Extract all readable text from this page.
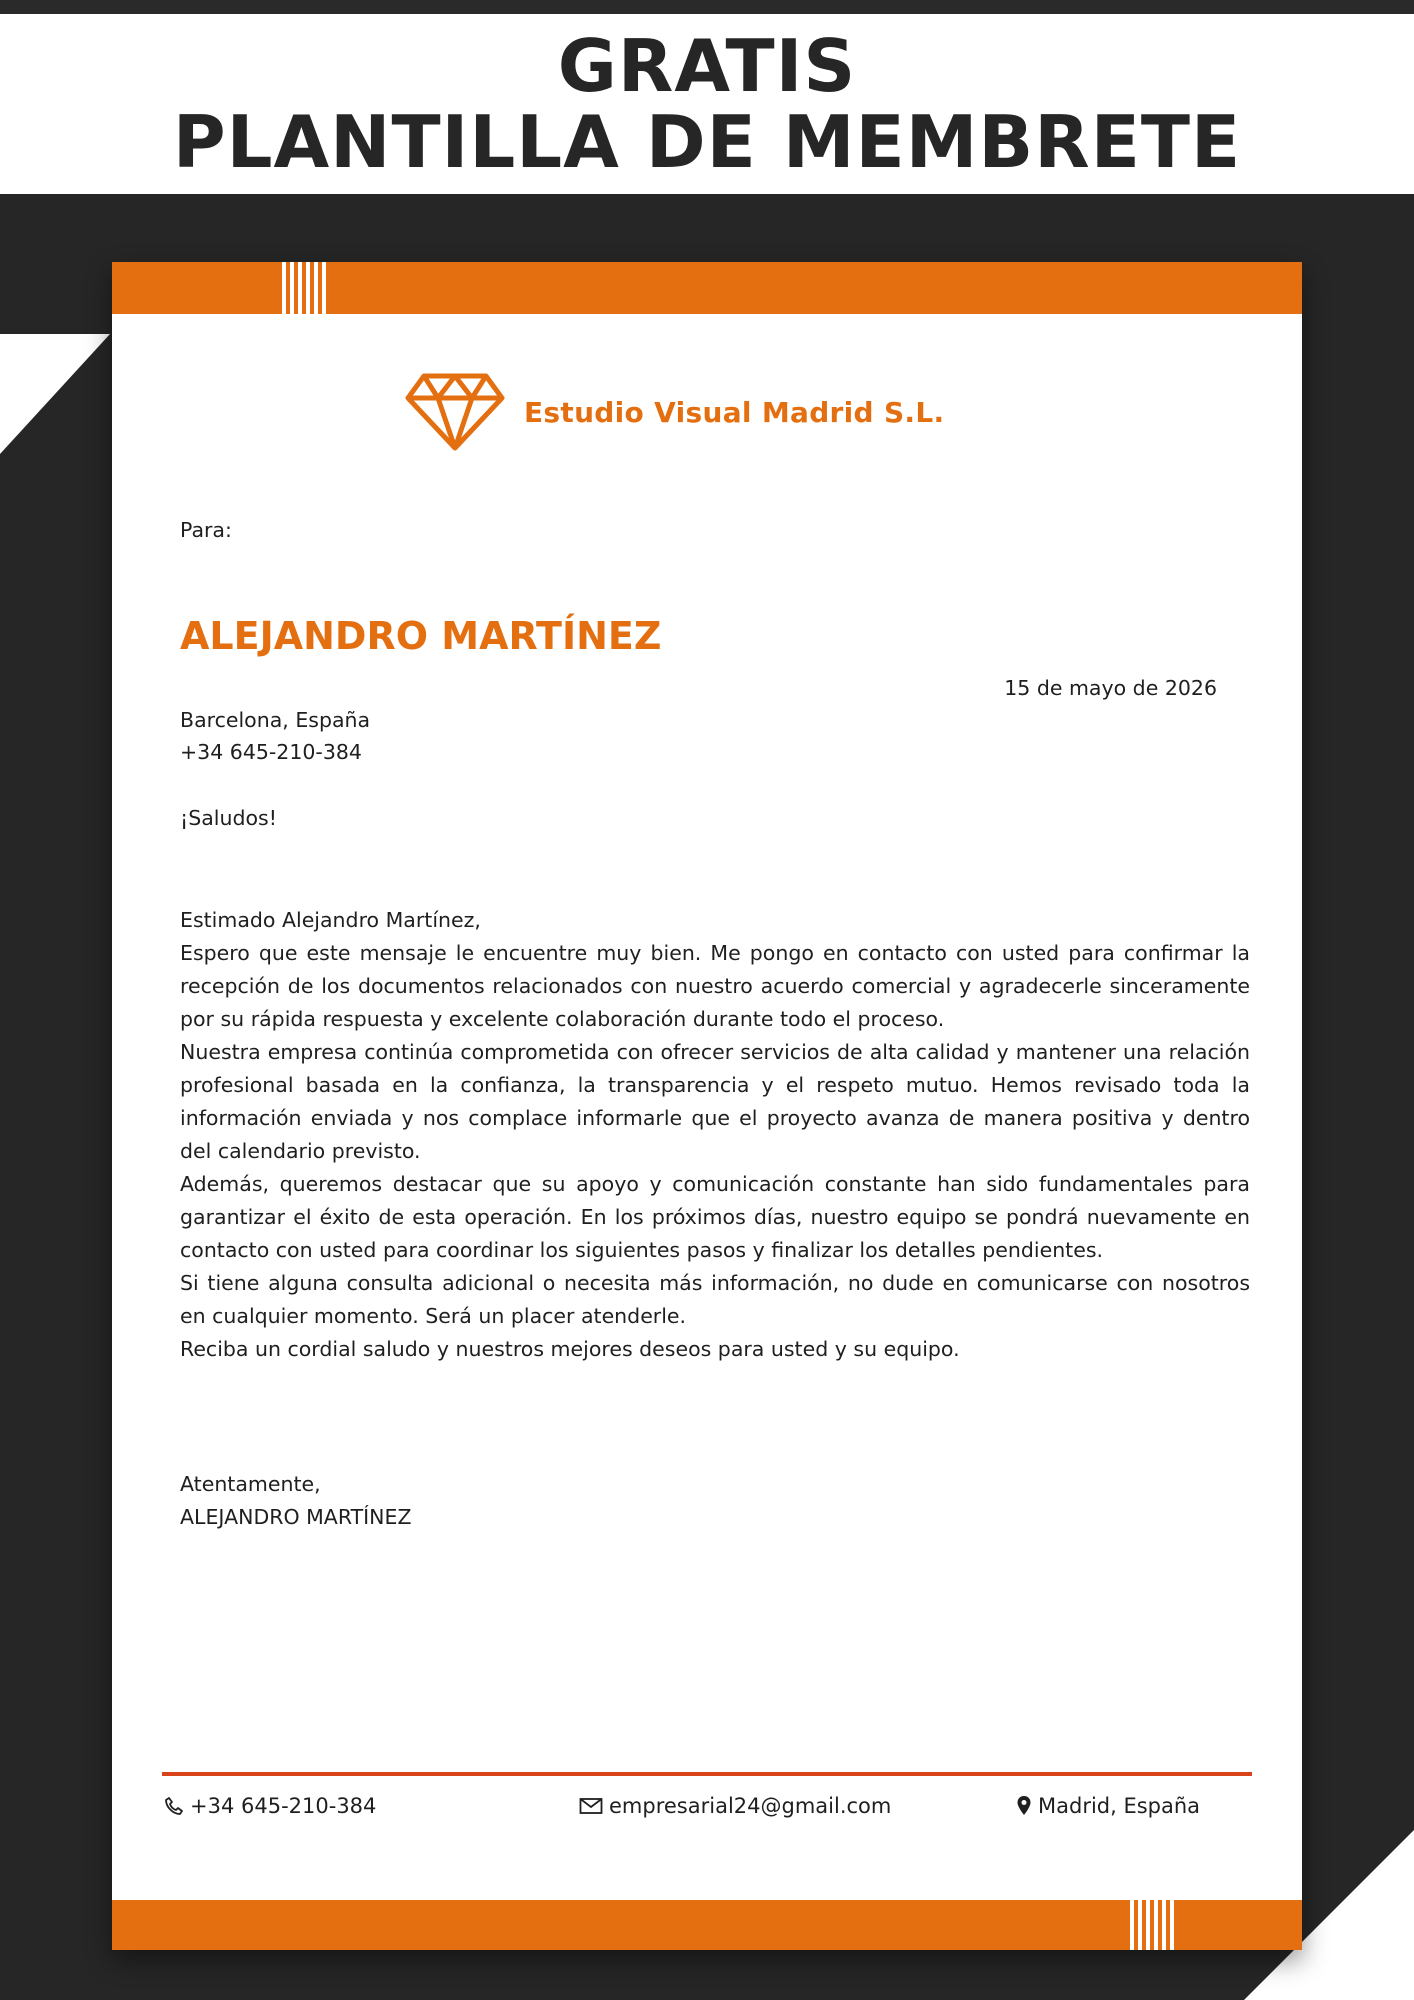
GRATIS
PLANTILLA DE MEMBRETE
Estudio Visual Madrid S.L.
Para:
ALEJANDRO MARTÍNEZ
15 de mayo de 2026
Barcelona, España
+34 645-210-384
¡Saludos!

Estimado Alejandro Martínez,

Espero que este mensaje le encuentre muy bien. Me pongo en contacto con usted para confirmar la recepción de los documentos relacionados con nuestro acuerdo comercial y agradecerle sinceramente por su rápida respuesta y excelente colaboración durante todo el proceso.

Nuestra empresa continúa comprometida con ofrecer servicios de alta calidad y mantener una relación profesional basada en la confianza, la transparencia y el respeto mutuo. Hemos revisado toda la información enviada y nos complace informarle que el proyecto avanza de manera positiva y dentro del calendario previsto.

Además, queremos destacar que su apoyo y comunicación constante han sido fundamentales para garantizar el éxito de esta operación. En los próximos días, nuestro equipo se pondrá nuevamente en contacto con usted para coordinar los siguientes pasos y finalizar los detalles pendientes.

Si tiene alguna consulta adicional o necesita más información, no dude en comunicarse con nosotros en cualquier momento. Será un placer atenderle.

Reciba un cordial saludo y nuestros mejores deseos para usted y su equipo.

Atentamente,
ALEJANDRO MARTÍNEZ
+34 645-210-384	empresarial24@gmail.com	Madrid, España
